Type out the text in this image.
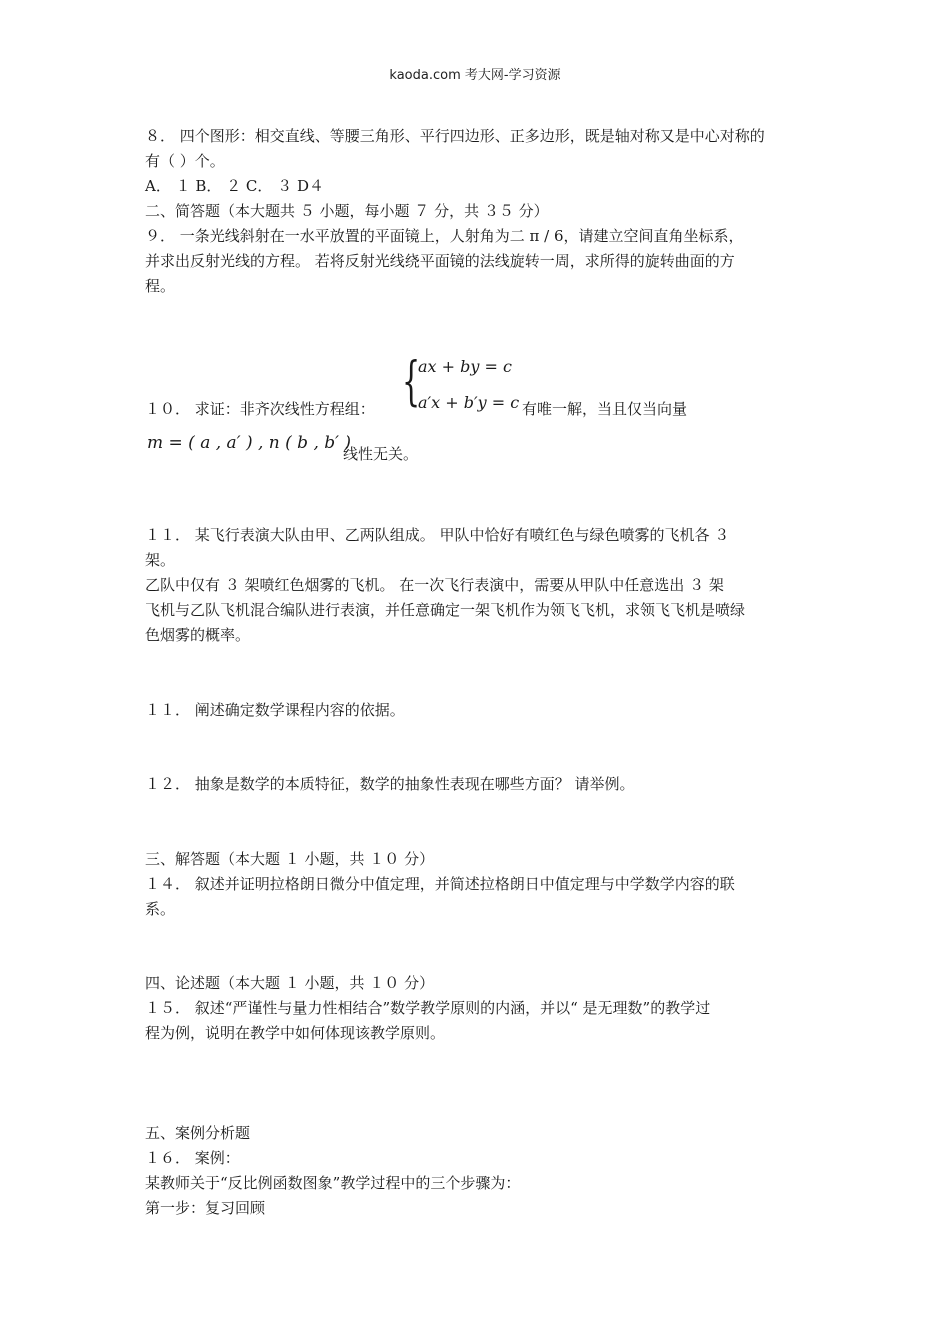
kaoda.com 考大网-学习资源
８． 四个图形：相交直线、等腰三角形、平行四边形、正多边形，既是轴对称又是中心对称的
有（ ）个。
A． １ B． ２ C． ３ D４
二、简答题（本大题共 ５ 小题，每小题 ７ 分，共 ３５ 分）
９． 一条光线斜射在一水平放置的平面镜上，人射角为二 π / 6，请建立空间直角坐标系，
并求出反射光线的方程。 若将反射光线绕平面镜的法线旋转一周，求所得的旋转曲面的方
程。
{
ax + by = c
a′x + b′y = c
１０． 求证：非齐次线性方程组：	有唯一解，当且仅当向量
m = ( a , a′ ) , n ( b , b′ )
线性无关。
１１． 某飞行表演大队由甲、乙两队组成。 甲队中恰好有喷红色与绿色喷雾的飞机各 ３
架。
乙队中仅有 ３ 架喷红色烟雾的飞机。 在一次飞行表演中，需要从甲队中任意选出 ３ 架
飞机与乙队飞机混合编队进行表演，并任意确定一架飞机作为领飞飞机，求领飞飞机是喷绿
色烟雾的概率。
１１． 阐述确定数学课程内容的依据。
１２． 抽象是数学的本质特征，数学的抽象性表现在哪些方面？ 请举例。
三、解答题（本大题 １ 小题，共 １０ 分）
１４． 叙述并证明拉格朗日微分中值定理，并简述拉格朗日中值定理与中学数学内容的联
系。
四、论述题（本大题 １ 小题，共 １０ 分）
１５． 叙述“严谨性与量力性相结合”数学教学原则的内涵，并以“ 是无理数”的教学过
程为例，说明在教学中如何体现该教学原则。
五、案例分析题
１６． 案例：
某教师关于“反比例函数图象”教学过程中的三个步骤为：
第一步：复习回顾
